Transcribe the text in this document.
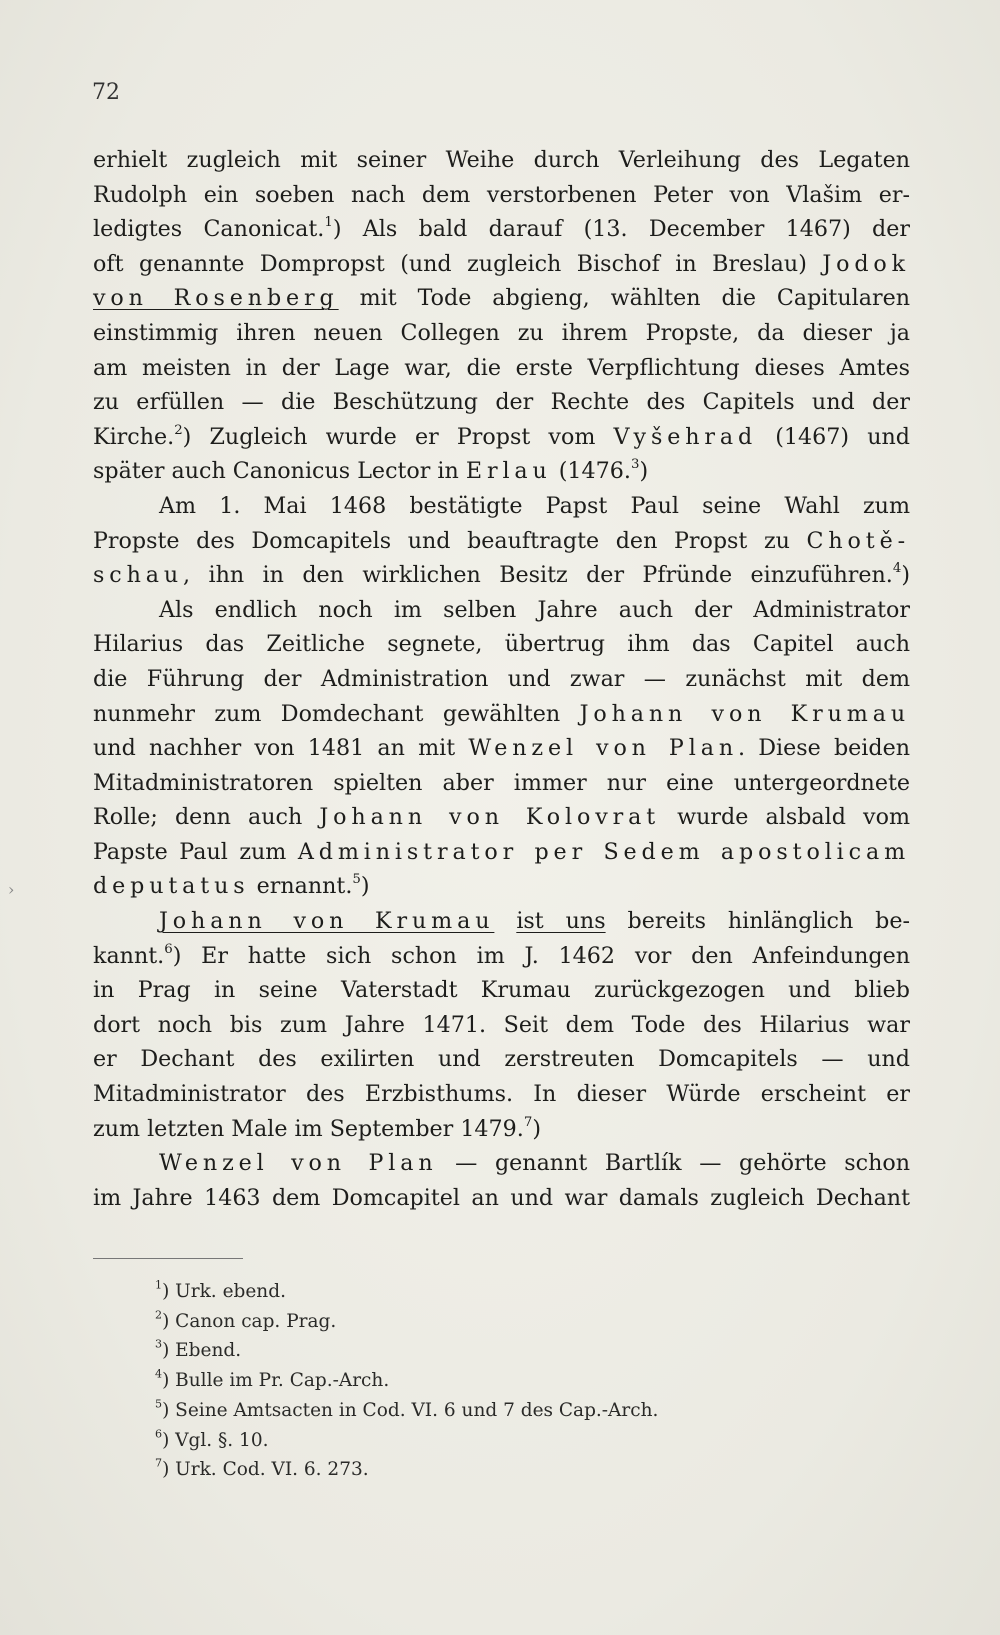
72
erhielt zugleich mit seiner Weihe durch Verleihung des Legaten
Rudolph ein soeben nach dem verstorbenen Peter von Vlašim er-
ledigtes Canonicat.$^1$) Als bald darauf (13. December 1467) der
oft genannte Dompropst (und zugleich Bischof in Breslau) Jodok
von Rosenberg mit Tode abgieng, wählten die Capitularen
einstimmig ihren neuen Collegen zu ihrem Propste, da dieser ja
am meisten in der Lage war, die erste Verpflichtung dieses Amtes
zu erfüllen — die Beschützung der Rechte des Capitels und der
Kirche.$^2$) Zugleich wurde er Propst vom Vyšehrad (1467) und
später auch Canonicus Lector in Erlau (1476.$^3$)
Am 1. Mai 1468 bestätigte Papst Paul seine Wahl zum
Propste des Domcapitels und beauftragte den Propst zu Chotě-
schau, ihn in den wirklichen Besitz der Pfründe einzuführen.$^4$)
Als endlich noch im selben Jahre auch der Administrator
Hilarius das Zeitliche segnete, übertrug ihm das Capitel auch
die Führung der Administration und zwar — zunächst mit dem
nunmehr zum Domdechant gewählten Johann von Krumau
und nachher von 1481 an mit Wenzel von Plan. Diese beiden
Mitadministratoren spielten aber immer nur eine untergeordnete
Rolle; denn auch Johann von Kolovrat wurde alsbald vom
Papste Paul zum Administrator per Sedem apostolicam
deputatus ernannt.$^5$)
Johann von Krumau ist uns bereits hinlänglich be-
kannt.$^6$) Er hatte sich schon im J. 1462 vor den Anfeindungen
in Prag in seine Vaterstadt Krumau zurückgezogen und blieb
dort noch bis zum Jahre 1471. Seit dem Tode des Hilarius war
er Dechant des exilirten und zerstreuten Domcapitels — und
Mitadministrator des Erzbisthums. In dieser Würde erscheint er
zum letzten Male im September 1479.$^7$)
Wenzel von Plan — genannt Bartlík — gehörte schon
im Jahre 1463 dem Domcapitel an und war damals zugleich Dechant
$^1$) Urk. ebend.
$^2$) Canon cap. Prag.
$^3$) Ebend.
$^4$) Bulle im Pr. Cap.-Arch.
$^5$) Seine Amtsacten in Cod. VI. 6 und 7 des Cap.-Arch.
$^6$) Vgl. §. 10.
$^7$) Urk. Cod. VI. 6. 273.
›
